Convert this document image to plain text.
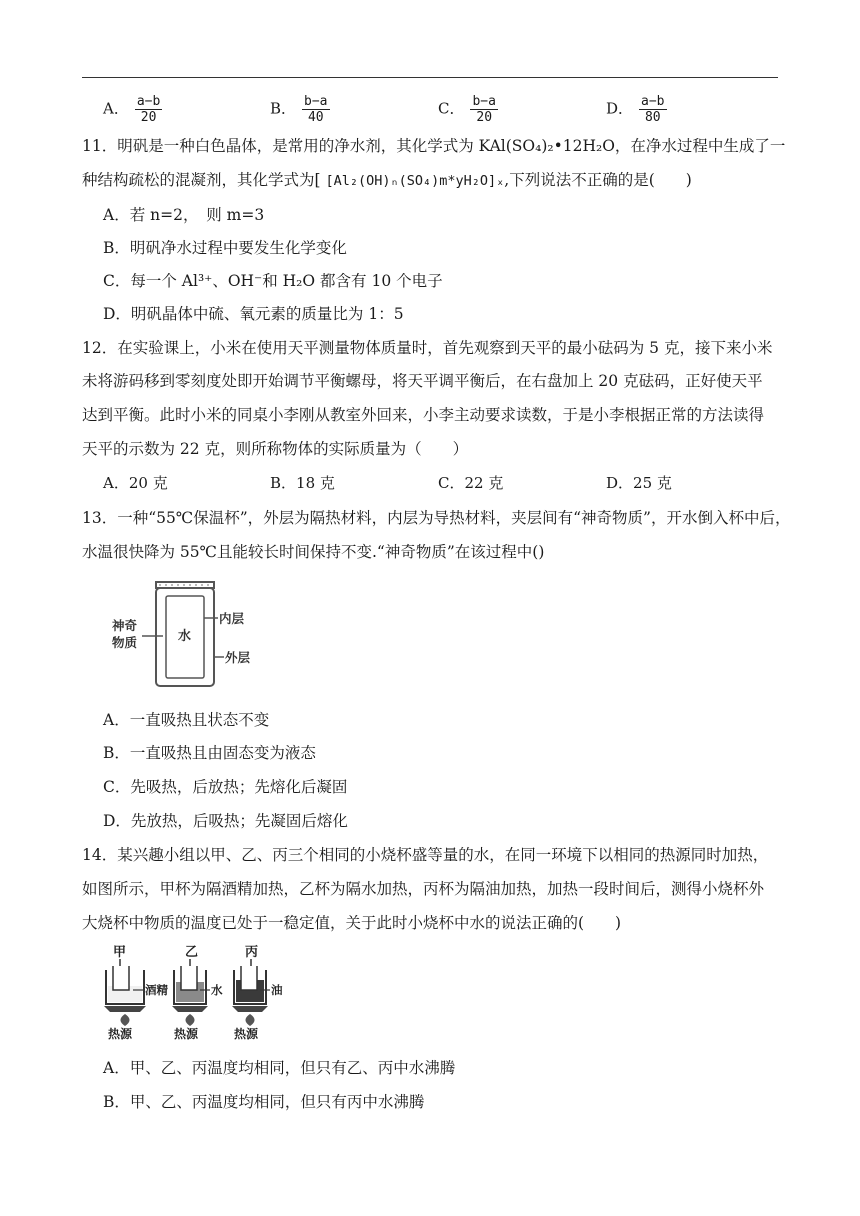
A． $\frac{a-b}{20}$	B． $\frac{b-a}{40}$	C． $\frac{b-a}{20}$	D． $\frac{a-b}{80}$
11．明矾是一种白色晶体，是常用的净水剂，其化学式为 KAl(SO₄)₂•12H₂O，在净水过程中生成了一
种结构疏松的混凝剂，其化学式为[ [Al₂(OH)ₙ(SO₄)m*yH₂O]ₓ,下列说法不正确的是(　　)
A．若 n=2，　则 m=3
B．明矾净水过程中要发生化学变化
C．每一个 Al³⁺、OH⁻和 H₂O 都含有 10 个电子
D．明矾晶体中硫、氧元素的质量比为 1：5
12．在实验课上，小米在使用天平测量物体质量时，首先观察到天平的最小砝码为 5 克，接下来小米
未将游码移到零刻度处即开始调节平衡螺母，将天平调平衡后，在右盘加上 20 克砝码，正好使天平
达到平衡。此时小米的同桌小李刚从教室外回来，小李主动要求读数，于是小李根据正常的方法读得
天平的示数为 22 克，则所称物体的实际质量为（　　）
A．20 克	B．18 克	C．22 克	D．25 克
13．一种“55℃保温杯”，外层为隔热材料，内层为导热材料，夹层间有“神奇物质”，开水倒入杯中后，
水温很快降为 55℃且能较长时间保持不变.“神奇物质”在该过程中()
神奇
物质	水
内层
外层
A．一直吸热且状态不变
B．一直吸热且由固态变为液态
C．先吸热，后放热；先熔化后凝固
D．先放热，后吸热；先凝固后熔化
14．某兴趣小组以甲、乙、丙三个相同的小烧杯盛等量的水，在同一环境下以相同的热源同时加热，
如图所示，甲杯为隔酒精加热，乙杯为隔水加热，丙杯为隔油加热，加热一段时间后，测得小烧杯外
大烧杯中物质的温度已处于一稳定值，关于此时小烧杯中水的说法正确的(　　)
甲
酒精
热源
乙
水
热源
丙
油
热源
A．甲、乙、丙温度均相同，但只有乙、丙中水沸腾
B．甲、乙、丙温度均相同，但只有丙中水沸腾
